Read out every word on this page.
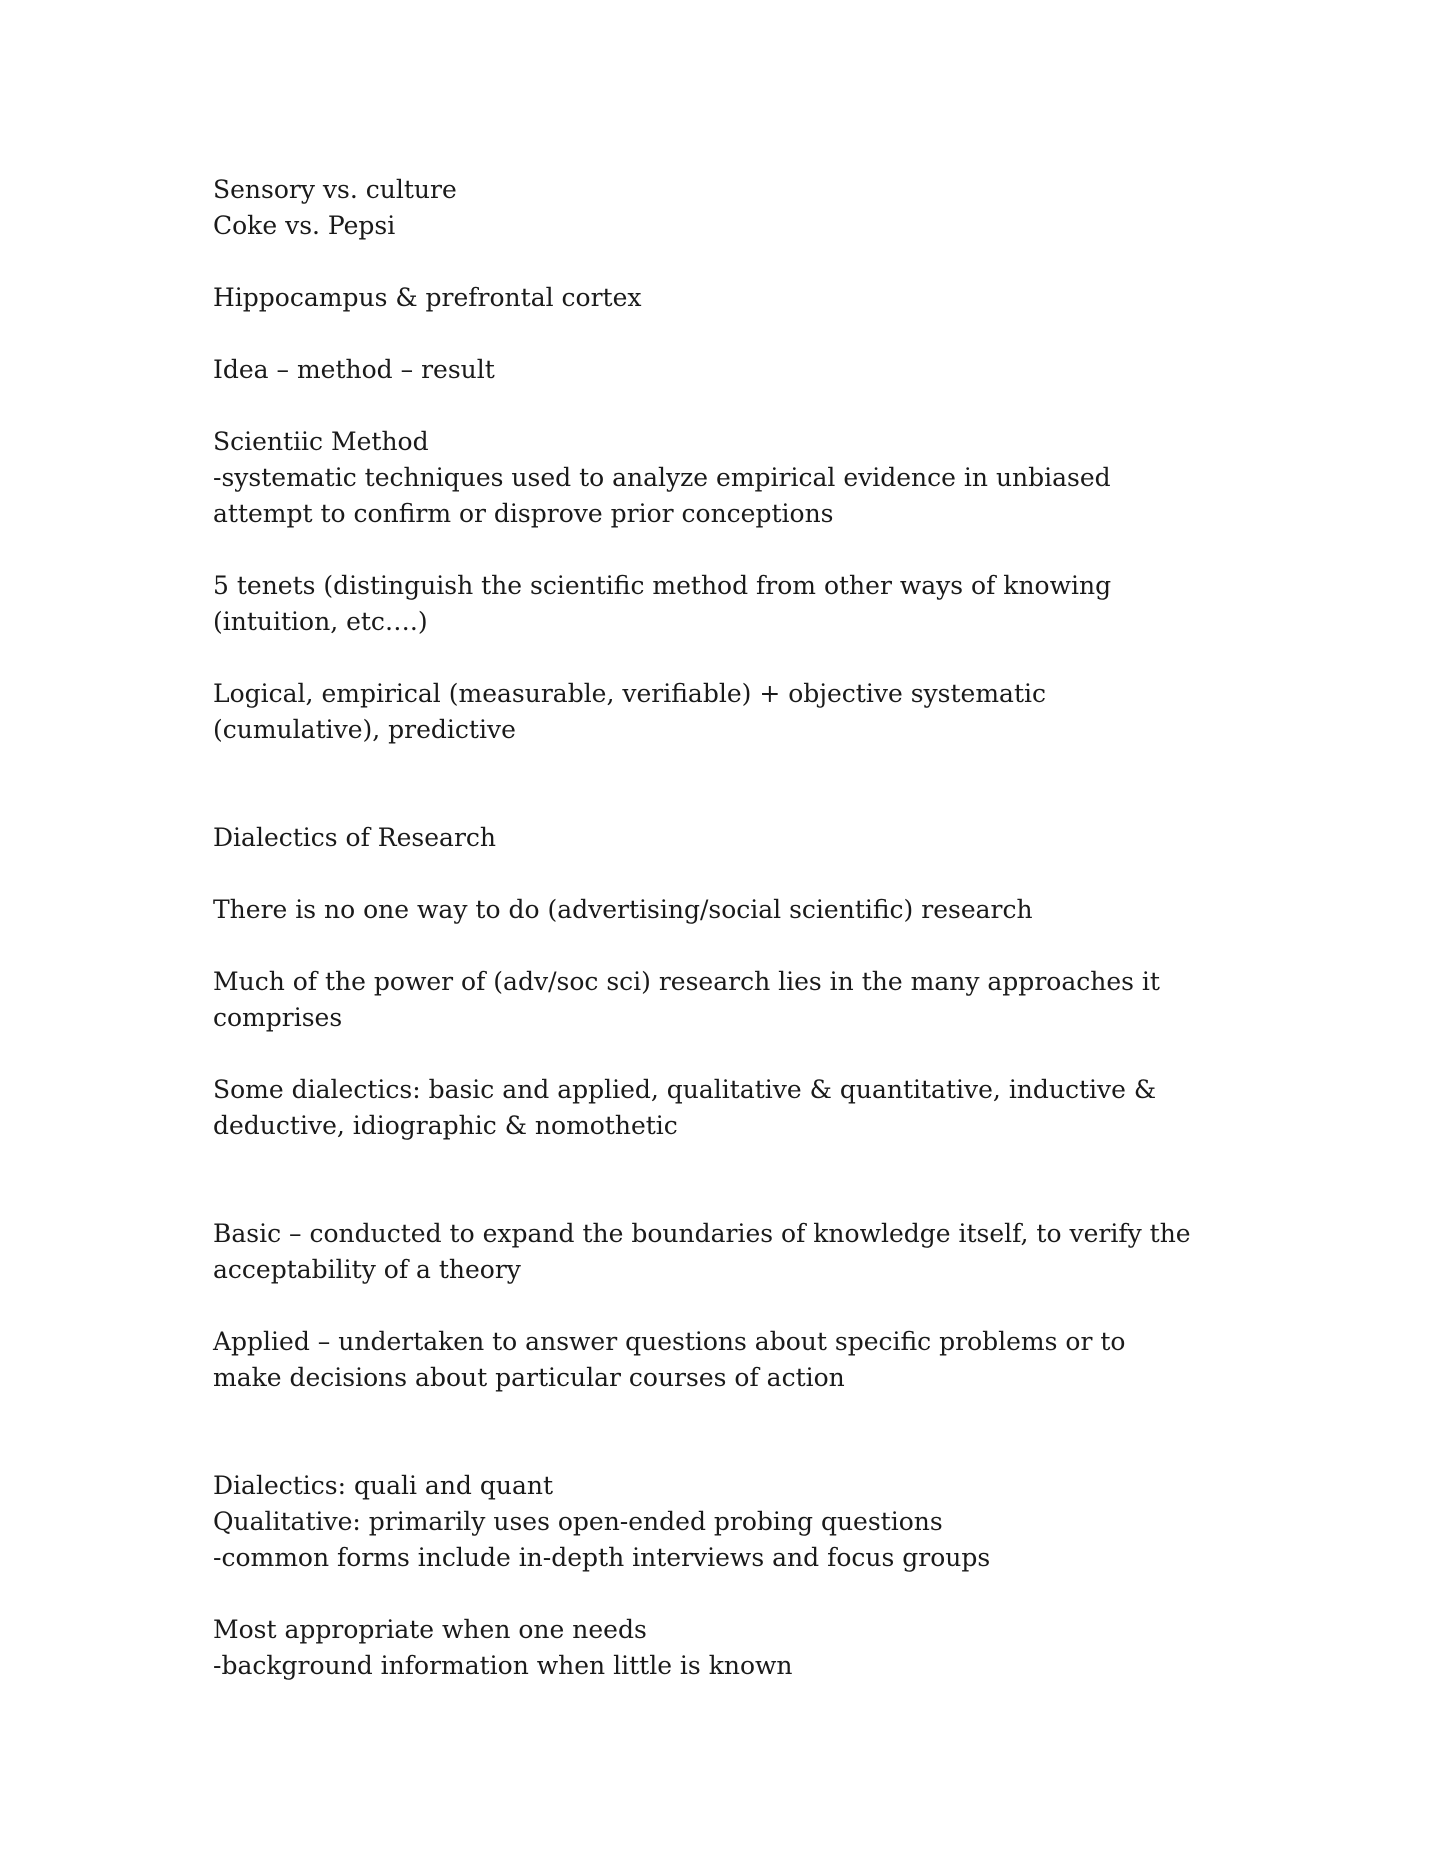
Sensory vs. culture
Coke vs. Pepsi
Hippocampus & prefrontal cortex
Idea – method – result
Scientiic Method
-systematic techniques used to analyze empirical evidence in unbiased
attempt to confirm or disprove prior conceptions
5 tenets (distinguish the scientific method from other ways of knowing
(intuition, etc….)
Logical, empirical (measurable, verifiable) + objective systematic
(cumulative), predictive
Dialectics of Research
There is no one way to do (advertising/social scientific) research
Much of the power of (adv/soc sci) research lies in the many approaches it
comprises
Some dialectics: basic and applied, qualitative & quantitative, inductive &
deductive, idiographic & nomothetic
Basic – conducted to expand the boundaries of knowledge itself, to verify the
acceptability of a theory
Applied – undertaken to answer questions about specific problems or to
make decisions about particular courses of action
Dialectics: quali and quant
Qualitative: primarily uses open-ended probing questions
-common forms include in-depth interviews and focus groups
Most appropriate when one needs
-background information when little is known
